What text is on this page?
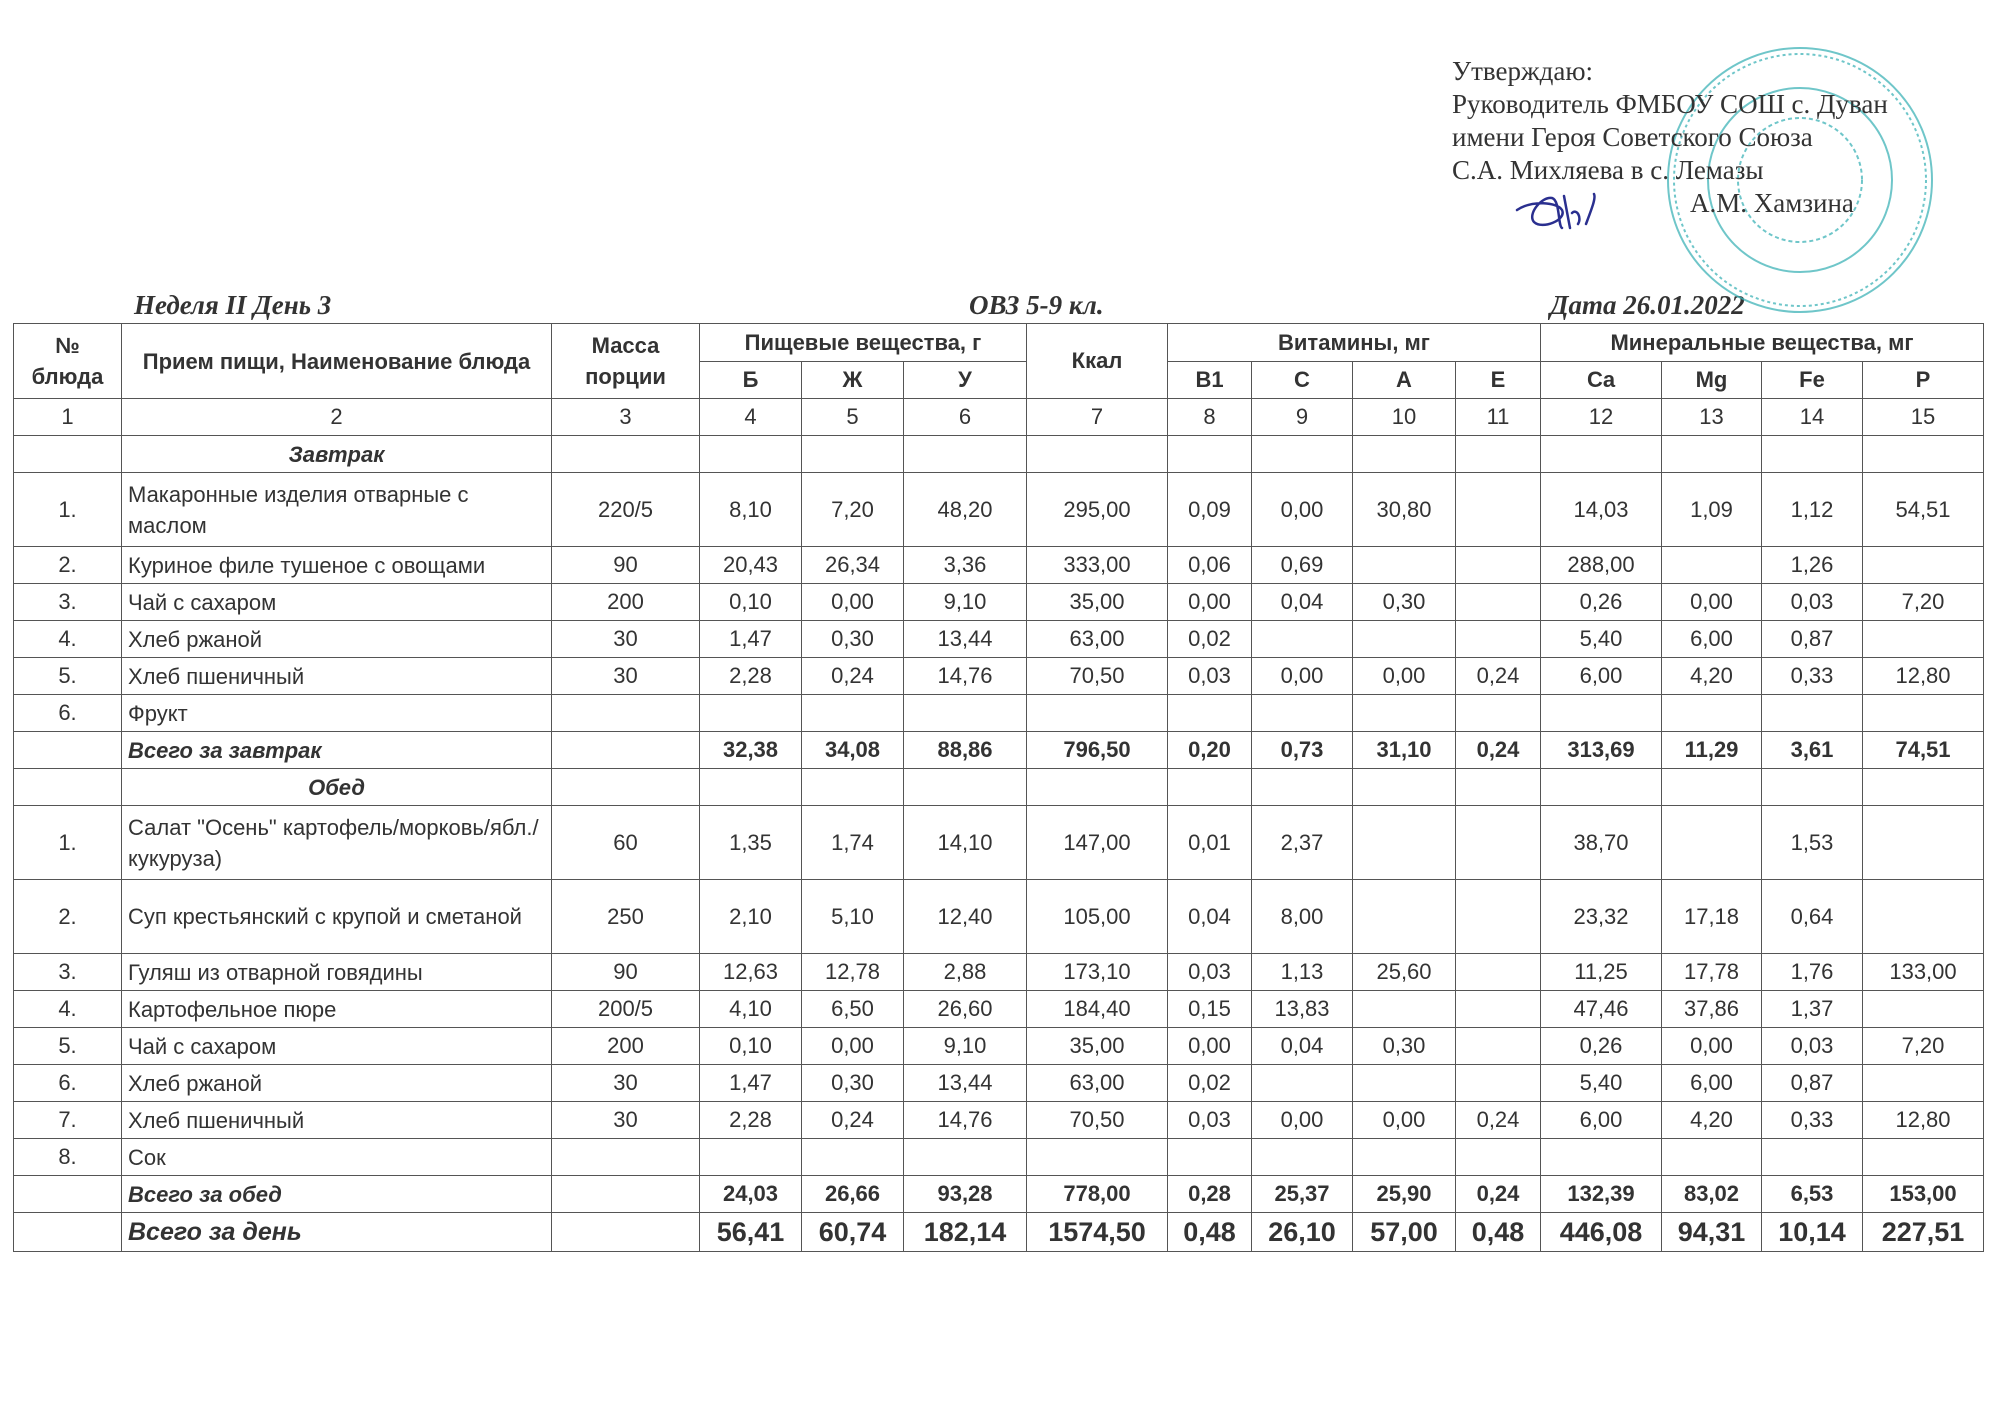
Утверждаю:
Руководитель ФМБОУ СОШ с. Дуван
имени Героя Советского Союза
С.А. Михляева в с. Лемазы
А.М. Хамзина
Неделя II День 3	ОВЗ 5-9 кл.	Дата 26.01.2022
№ блюда	Прием пищи, Наименование блюда	Масса порции	Пищевые вещества, г			Ккал	Витамины, мг				Минеральные вещества, мг			
			Б	Ж	У		B1	C	A	E	Ca	Mg	Fe	P
1	2	3	4	5	6	7	8	9	10	11	12	13	14	15
	Завтрак													
1.	Макаронные изделия отварные с маслом	220/5	8,10	7,20	48,20	295,00	0,09	0,00	30,80		14,03	1,09	1,12	54,51
2.	Куриное филе тушеное с овощами	90	20,43	26,34	3,36	333,00	0,06	0,69			288,00		1,26	
3.	Чай с сахаром	200	0,10	0,00	9,10	35,00	0,00	0,04	0,30		0,26	0,00	0,03	7,20
4.	Хлеб ржаной	30	1,47	0,30	13,44	63,00	0,02				5,40	6,00	0,87	
5.	Хлеб пшеничный	30	2,28	0,24	14,76	70,50	0,03	0,00	0,00	0,24	6,00	4,20	0,33	12,80
6.	Фрукт													
	Всего за завтрак		32,38	34,08	88,86	796,50	0,20	0,73	31,10	0,24	313,69	11,29	3,61	74,51
	Обед													
1.	Салат "Осень" картофель/морковь/ябл./кукуруза)	60	1,35	1,74	14,10	147,00	0,01	2,37			38,70		1,53	
2.	Суп крестьянский с крупой и сметаной	250	2,10	5,10	12,40	105,00	0,04	8,00			23,32	17,18	0,64	
3.	Гуляш из отварной говядины	90	12,63	12,78	2,88	173,10	0,03	1,13	25,60		11,25	17,78	1,76	133,00
4.	Картофельное пюре	200/5	4,10	6,50	26,60	184,40	0,15	13,83			47,46	37,86	1,37	
5.	Чай с сахаром	200	0,10	0,00	9,10	35,00	0,00	0,04	0,30		0,26	0,00	0,03	7,20
6.	Хлеб ржаной	30	1,47	0,30	13,44	63,00	0,02				5,40	6,00	0,87	
7.	Хлеб пшеничный	30	2,28	0,24	14,76	70,50	0,03	0,00	0,00	0,24	6,00	4,20	0,33	12,80
8.	Сок													
	Всего за обед		24,03	26,66	93,28	778,00	0,28	25,37	25,90	0,24	132,39	83,02	6,53	153,00
	Всего за день		56,41	60,74	182,14	1574,50	0,48	26,10	57,00	0,48	446,08	94,31	10,14	227,51
